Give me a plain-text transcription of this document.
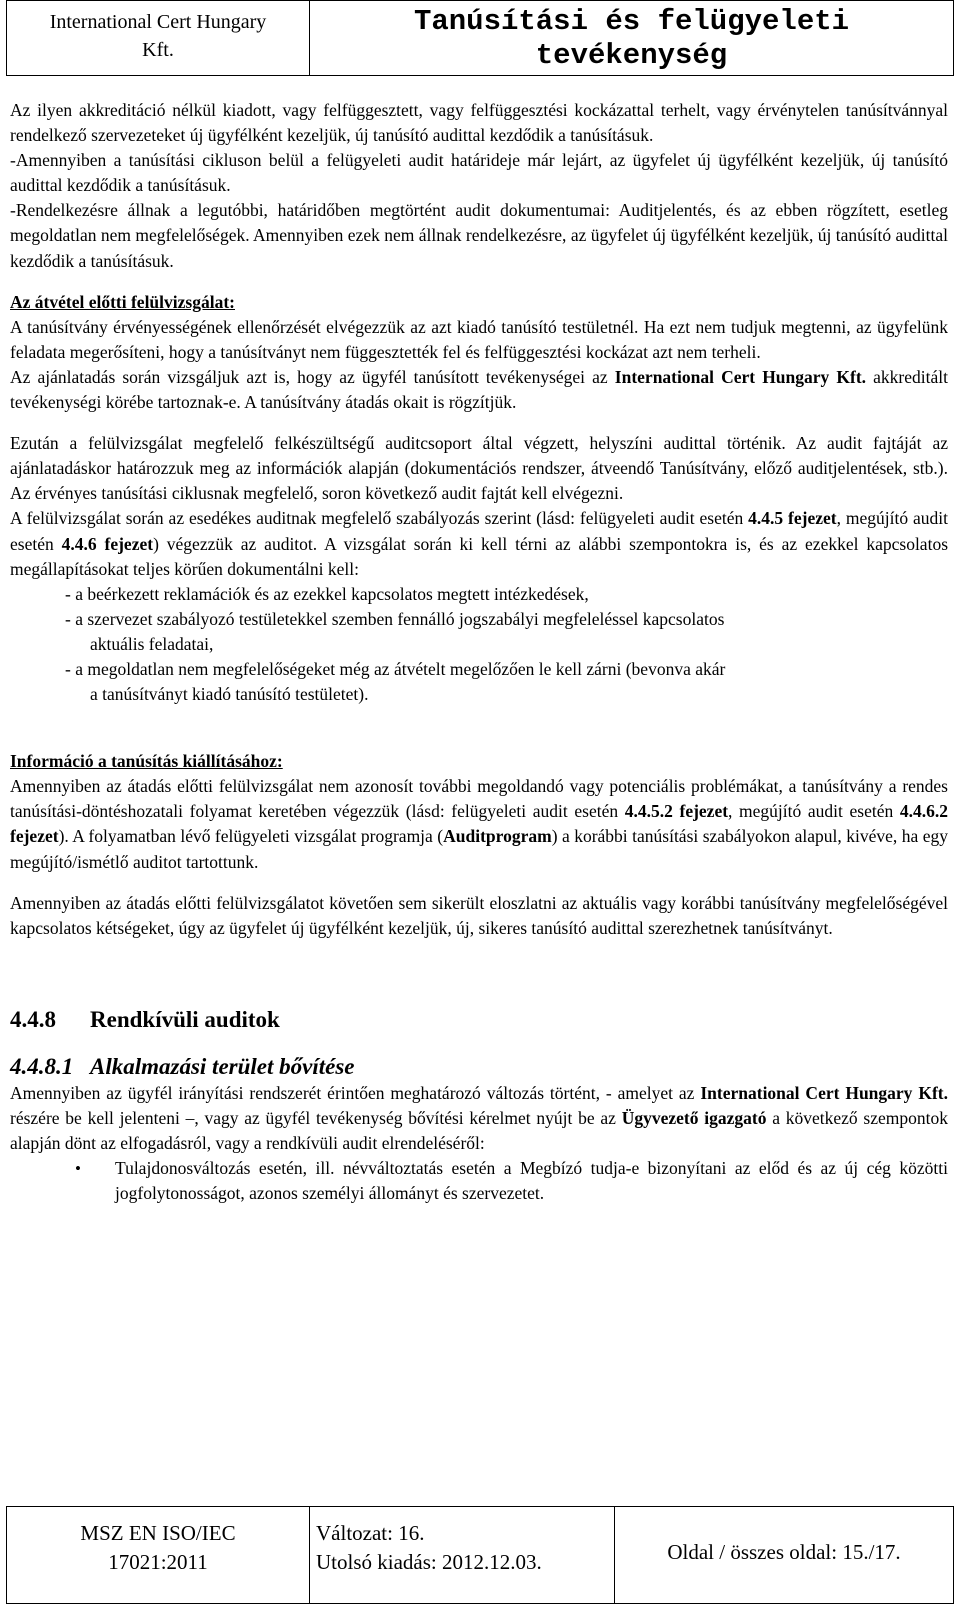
International Cert Hungary
Kft.
Tanúsítási és felügyeleti
tevékenység

Az ilyen akkreditáció nélkül kiadott, vagy felfüggesztett, vagy felfüggesztési kockázattal terhelt, vagy érvénytelen tanúsítvánnyal rendelkező szervezeteket új ügyfélként kezeljük, új tanúsító audittal kezdődik a tanúsításuk.

-Amennyiben a tanúsítási cikluson belül a felügyeleti audit határideje már lejárt, az ügyfelet új ügyfélként kezeljük, új tanúsító audittal kezdődik a tanúsításuk.

-Rendelkezésre állnak a legutóbbi, határidőben megtörtént audit dokumentumai: Auditjelentés, és az ebben rögzített, esetleg megoldatlan nem megfelelőségek. Amennyiben ezek nem állnak rendelkezésre, az ügyfelet új ügyfélként kezeljük, új tanúsító audittal kezdődik a tanúsításuk.

Az átvétel előtti felülvizsgálat:

A tanúsítvány érvényességének ellenőrzését elvégezzük az azt kiadó tanúsító testületnél. Ha ezt nem tudjuk megtenni, az ügyfelünk feladata megerősíteni, hogy a tanúsítványt nem függesztették fel és felfüggesztési kockázat azt nem terheli.

Az ajánlatadás során vizsgáljuk azt is, hogy az ügyfél tanúsított tevékenységei az International Cert Hungary Kft. akkreditált tevékenységi körébe tartoznak-e. A tanúsítvány átadás okait is rögzítjük.

Ezután a felülvizsgálat megfelelő felkészültségű auditcsoport által végzett, helyszíni audittal történik. Az audit fajtáját az ajánlatadáskor határozzuk meg az információk alapján (dokumentációs rendszer, átveendő Tanúsítvány, előző auditjelentések, stb.). Az érvényes tanúsítási ciklusnak megfelelő, soron következő audit fajtát kell elvégezni.

A felülvizsgálat során az esedékes auditnak megfelelő szabályozás szerint (lásd: felügyeleti audit esetén 4.4.5 fejezet, megújító audit esetén 4.4.6 fejezet) végezzük az auditot. A vizsgálat során ki kell térni az alábbi szempontokra is, és az ezekkel kapcsolatos megállapításokat teljes körűen dokumentálni kell:

- a beérkezett reklamációk és az ezekkel kapcsolatos megtett intézkedések,

- a szervezet szabályozó testületekkel szemben fennálló jogszabályi megfeleléssel kapcsolatos

aktuális feladatai,

- a megoldatlan nem megfelelőségeket még az átvételt megelőzően le kell zárni (bevonva akár

a tanúsítványt kiadó tanúsító testületet).

Információ a tanúsítás kiállításához:

Amennyiben az átadás előtti felülvizsgálat nem azonosít további megoldandó vagy potenciális problémákat, a tanúsítvány a rendes tanúsítási-döntéshozatali folyamat keretében végezzük (lásd: felügyeleti audit esetén 4.4.5.2 fejezet, megújító audit esetén 4.4.6.2 fejezet). A folyamatban lévő felügyeleti vizsgálat programja (Auditprogram) a korábbi tanúsítási szabályokon alapul, kivéve, ha egy megújító/ismétlő auditot tartottunk.

Amennyiben az átadás előtti felülvizsgálatot követően sem sikerült eloszlatni az aktuális vagy korábbi tanúsítvány megfelelőségével kapcsolatos kétségeket, úgy az ügyfelet új ügyfélként kezeljük, új, sikeres tanúsító audittal szerezhetnek tanúsítványt.

4.4.8 Rendkívüli auditok

4.4.8.1 Alkalmazási terület bővítése

Amennyiben az ügyfél irányítási rendszerét érintően meghatározó változás történt, - amelyet az International Cert Hungary Kft. részére be kell jelenteni –, vagy az ügyfél tevékenység bővítési kérelmet nyújt be az Ügyvezető igazgató a következő szempontok alapján dönt az elfogadásról, vagy a rendkívüli audit elrendeléséről:

•	Tulajdonosváltozás esetén, ill. névváltoztatás esetén a Megbízó tudja-e bizonyítani az előd és az új cég közötti jogfolytonosságot, azonos személyi állományt és szervezetet.
MSZ EN ISO/IEC
17021:2011
Változat: 16.
Utolsó kiadás: 2012.12.03.	Oldal / összes oldal: 15./17.
